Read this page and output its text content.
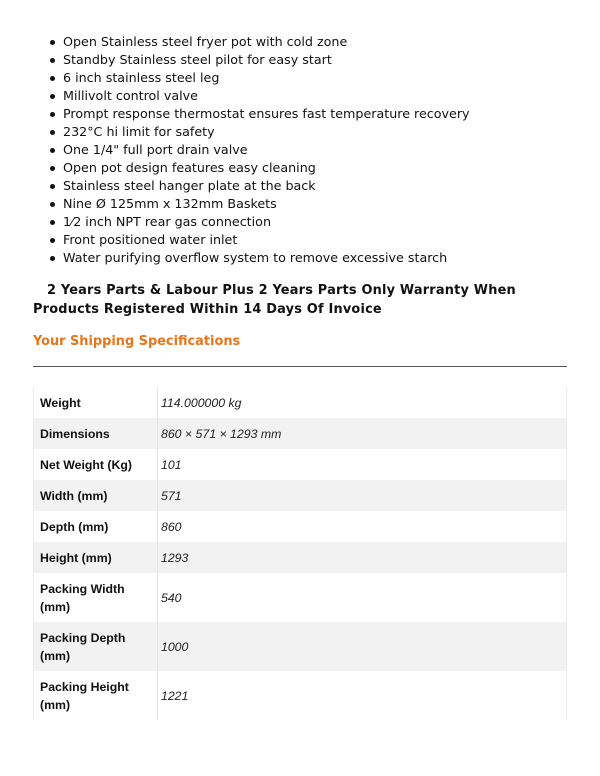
Open Stainless steel fryer pot with cold zone
Standby Stainless steel pilot for easy start
6 inch stainless steel leg
Millivolt control valve
Prompt response thermostat ensures fast temperature recovery
232°C hi limit for safety
One 1/4" full port drain valve
Open pot design features easy cleaning
Stainless steel hanger plate at the back
Nine Ø 125mm x 132mm Baskets
1⁄2 inch NPT rear gas connection
Front positioned water inlet
Water purifying overflow system to remove excessive starch
2 Years Parts & Labour Plus 2 Years Parts Only Warranty When Products Registered Within 14 Days Of Invoice
Your Shipping Specifications
Weight	114.000000 kg
Dimensions	860 × 571 × 1293 mm
Net Weight (Kg)	101
Width (mm)	571
Depth (mm)	860
Height (mm)	1293
Packing Width (mm)	540
Packing Depth (mm)	1000
Packing Height (mm)	1221
